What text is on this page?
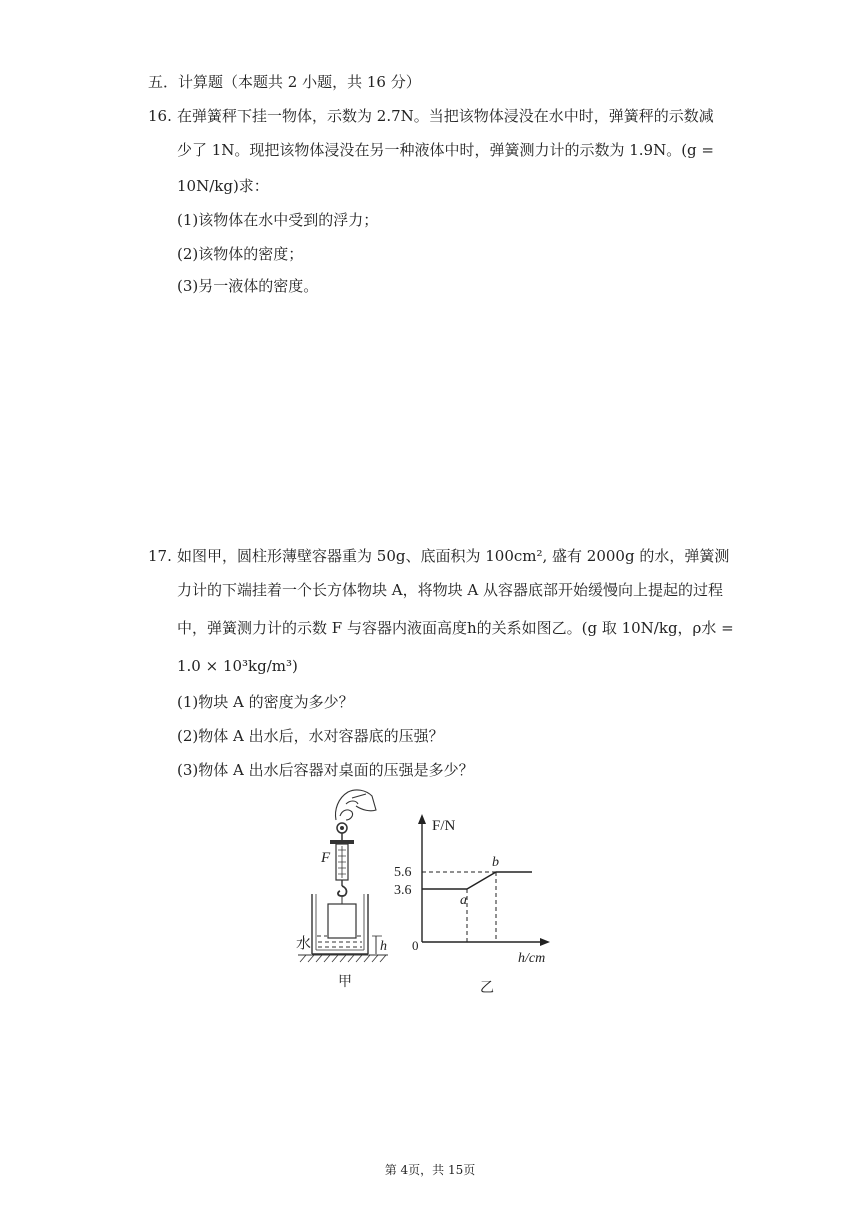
五．计算题（本题共 2 小题，共 16 分）
16. 在弹簧秤下挂一物体，示数为 2.7N。当把该物体浸没在水中时，弹簧秤的示数减
少了 1N。现把该物体浸没在另一种液体中时，弹簧测力计的示数为 1.9N。(g =
10N/kg)求：
(1)该物体在水中受到的浮力；
(2)该物体的密度；
(3)另一液体的密度。
17. 如图甲，圆柱形薄壁容器重为 50g、底面积为 100cm², 盛有 2000g 的水，弹簧测
力计的下端挂着一个长方体物块 A，将物块 A 从容器底部开始缓慢向上提起的过程
中，弹簧测力计的示数 F 与容器内液面高度h的关系如图乙。(g 取 10N/kg，ρ水 =
1.0 × 10³kg/m³)
(1)物块 A 的密度为多少？
(2)物体 A 出水后，水对容器底的压强？
(3)物体 A 出水后容器对桌面的压强是多少？
F
水	h
甲
F/N
h/cm
0
5.6
3.6
a
b
乙
第 4页，共 15页
